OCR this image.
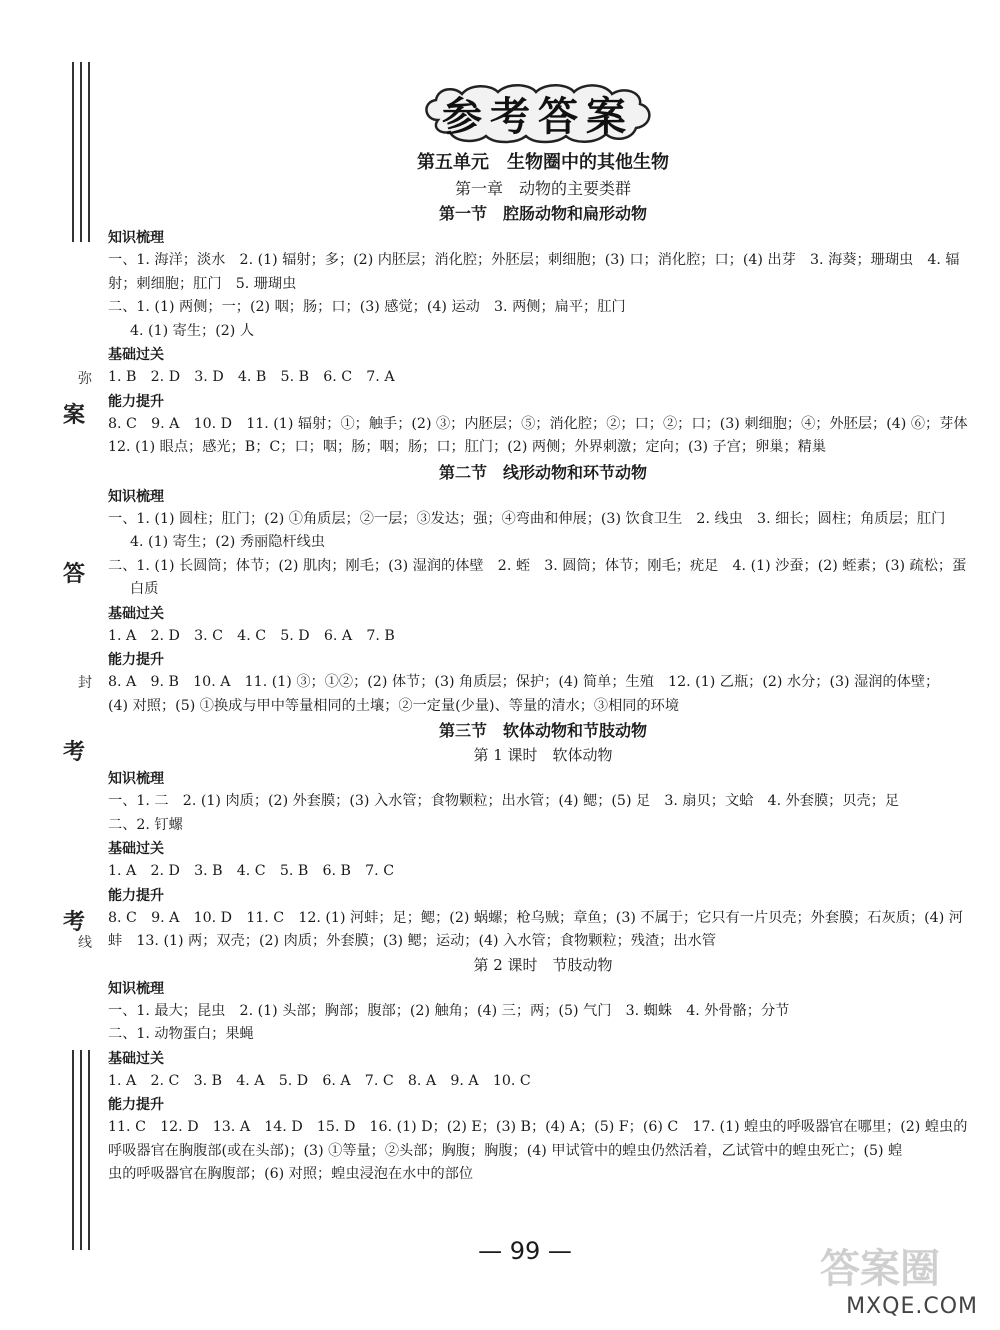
弥
案
答
封
考
考
线
参考答案
第五单元　生物圈中的其他生物
第一章　动物的主要类群
第一节　腔肠动物和扁形动物
知识梳理

一、1. 海洋；淡水　2. (1) 辐射；多；(2) 内胚层；消化腔；外胚层；刺细胞；(3) 口；消化腔；口；(4) 出芽　3. 海葵；珊瑚虫　4. 辐

射；刺细胞；肛门　5. 珊瑚虫

二、1. (1) 两侧；一；(2) 咽；肠；口；(3) 感觉；(4) 运动　3. 两侧；扁平；肛门

4. (1) 寄生；(2) 人

基础过关

1. B　2. D　3. D　4. B　5. B　6. C　7. A

能力提升

8. C　9. A　10. D　11. (1) 辐射；①；触手；(2) ③；内胚层；⑤；消化腔；②；口；②；口；(3) 刺细胞；④；外胚层；(4) ⑥；芽体

12. (1) 眼点；感光；B；C；口；咽；肠；咽；肠；口；肛门；(2) 两侧；外界刺激；定向；(3) 子宫；卵巢；精巢

第二节　线形动物和环节动物
知识梳理

一、1. (1) 圆柱；肛门；(2) ①角质层；②一层；③发达；强；④弯曲和伸展；(3) 饮食卫生　2. 线虫　3. 细长；圆柱；角质层；肛门

4. (1) 寄生；(2) 秀丽隐杆线虫

二、1. (1) 长圆筒；体节；(2) 肌肉；刚毛；(3) 湿润的体壁　2. 蛭　3. 圆筒；体节；刚毛；疣足　4. (1) 沙蚕；(2) 蛭素；(3) 疏松；蛋

白质

基础过关

1. A　2. D　3. C　4. C　5. D　6. A　7. B

能力提升

8. A　9. B　10. A　11. (1) ③；①②；(2) 体节；(3) 角质层；保护；(4) 简单；生殖　12. (1) 乙瓶；(2) 水分；(3) 湿润的体壁；

(4) 对照；(5) ①换成与甲中等量相同的土壤；②一定量(少量)、等量的清水；③相同的环境

第三节　软体动物和节肢动物
第 1 课时　软体动物
知识梳理

一、1. 二　2. (1) 肉质；(2) 外套膜；(3) 入水管；食物颗粒；出水管；(4) 鳃；(5) 足　3. 扇贝；文蛤　4. 外套膜；贝壳；足

二、2. 钉螺

基础过关

1. A　2. D　3. B　4. C　5. B　6. B　7. C

能力提升

8. C　9. A　10. D　11. C　12. (1) 河蚌；足；鳃；(2) 蜗螺；枪乌贼；章鱼；(3) 不属于；它只有一片贝壳；外套膜；石灰质；(4) 河

蚌　13. (1) 两；双壳；(2) 肉质；外套膜；(3) 鳃；运动；(4) 入水管；食物颗粒；残渣；出水管

第 2 课时　节肢动物
知识梳理

一、1. 最大；昆虫　2. (1) 头部；胸部；腹部；(2) 触角；(4) 三；两；(5) 气门　3. 蜘蛛　4. 外骨骼；分节

二、1. 动物蛋白；果蝇

基础过关

1. A　2. C　3. B　4. A　5. D　6. A　7. C　8. A　9. A　10. C

能力提升

11. C　12. D　13. A　14. D　15. D　16. (1) D；(2) E；(3) B；(4) A；(5) F；(6) C　17. (1) 蝗虫的呼吸器官在哪里；(2) 蝗虫的

呼吸器官在胸腹部(或在头部)；(3) ①等量；②头部；胸腹；胸腹；(4) 甲试管中的蝗虫仍然活着，乙试管中的蝗虫死亡；(5) 蝗

虫的呼吸器官在胸腹部；(6) 对照；蝗虫浸泡在水中的部位

— 99 —	答案圈
MXQE.COM
